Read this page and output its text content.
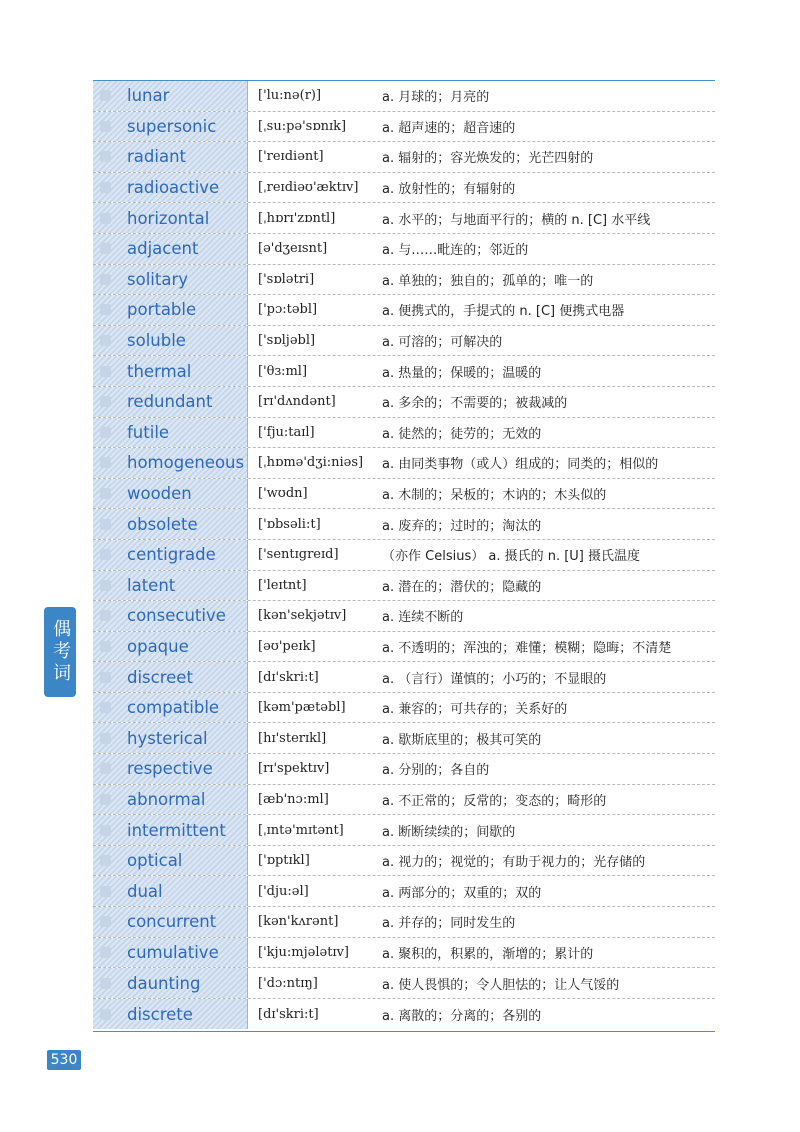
lunar	['lu:nə(r)]	a. 月球的；月亮的
supersonic	[ˌsu:pə'sɒnɪk]	a. 超声速的；超音速的
radiant	['reɪdiənt]	a. 辐射的；容光焕发的；光芒四射的
radioactive	[ˌreɪdiəʊ'æktɪv]	a. 放射性的；有辐射的
horizontal	[ˌhɒrɪ'zɒntl]	a. 水平的；与地面平行的；横的 n. [C] 水平线
adjacent	[ə'dʒeɪsnt]	a. 与……毗连的；邻近的
solitary	['sɒlətri]	a. 单独的；独自的；孤单的；唯一的
portable	['pɔ:təbl]	a. 便携式的，手提式的 n. [C] 便携式电器
soluble	['sɒljəbl]	a. 可溶的；可解决的
thermal	['θɜ:ml]	a. 热量的；保暖的；温暖的
redundant	[rɪ'dʌndənt]	a. 多余的；不需要的；被裁减的
futile	['fju:taɪl]	a. 徒然的；徒劳的；无效的
homogeneous	[ˌhɒmə'dʒi:niəs]	a. 由同类事物（或人）组成的；同类的；相似的
wooden	['wʊdn]	a. 木制的；呆板的；木讷的；木头似的
obsolete	['ɒbsəli:t]	a. 废弃的；过时的；淘汰的
centigrade	['sentɪgreɪd]	（亦作 Celsius） a. 摄氏的 n. [U] 摄氏温度
latent	['leɪtnt]	a. 潜在的；潜伏的；隐藏的
consecutive	[kən'sekjətɪv]	a. 连续不断的
opaque	[əʊ'peɪk]	a. 不透明的；浑浊的；难懂；模糊；隐晦；不清楚
discreet	[dɪ'skri:t]	a. （言行）谨慎的；小巧的；不显眼的
compatible	[kəm'pætəbl]	a. 兼容的；可共存的；关系好的
hysterical	[hɪ'sterɪkl]	a. 歇斯底里的；极其可笑的
respective	[rɪ'spektɪv]	a. 分别的；各自的
abnormal	[æb'nɔ:ml]	a. 不正常的；反常的；变态的；畸形的
intermittent	[ˌɪntə'mɪtənt]	a. 断断续续的；间歇的
optical	['ɒptɪkl]	a. 视力的；视觉的；有助于视力的；光存储的
dual	['dju:əl]	a. 两部分的；双重的；双的
concurrent	[kən'kʌrənt]	a. 并存的；同时发生的
cumulative	['kju:mjələtɪv]	a. 聚积的，积累的，渐增的；累计的
daunting	['dɔ:ntɪŋ]	a. 使人畏惧的；令人胆怯的；让人气馁的
discrete	[dɪ'skri:t]	a. 离散的；分离的；各别的
偶考词
530
